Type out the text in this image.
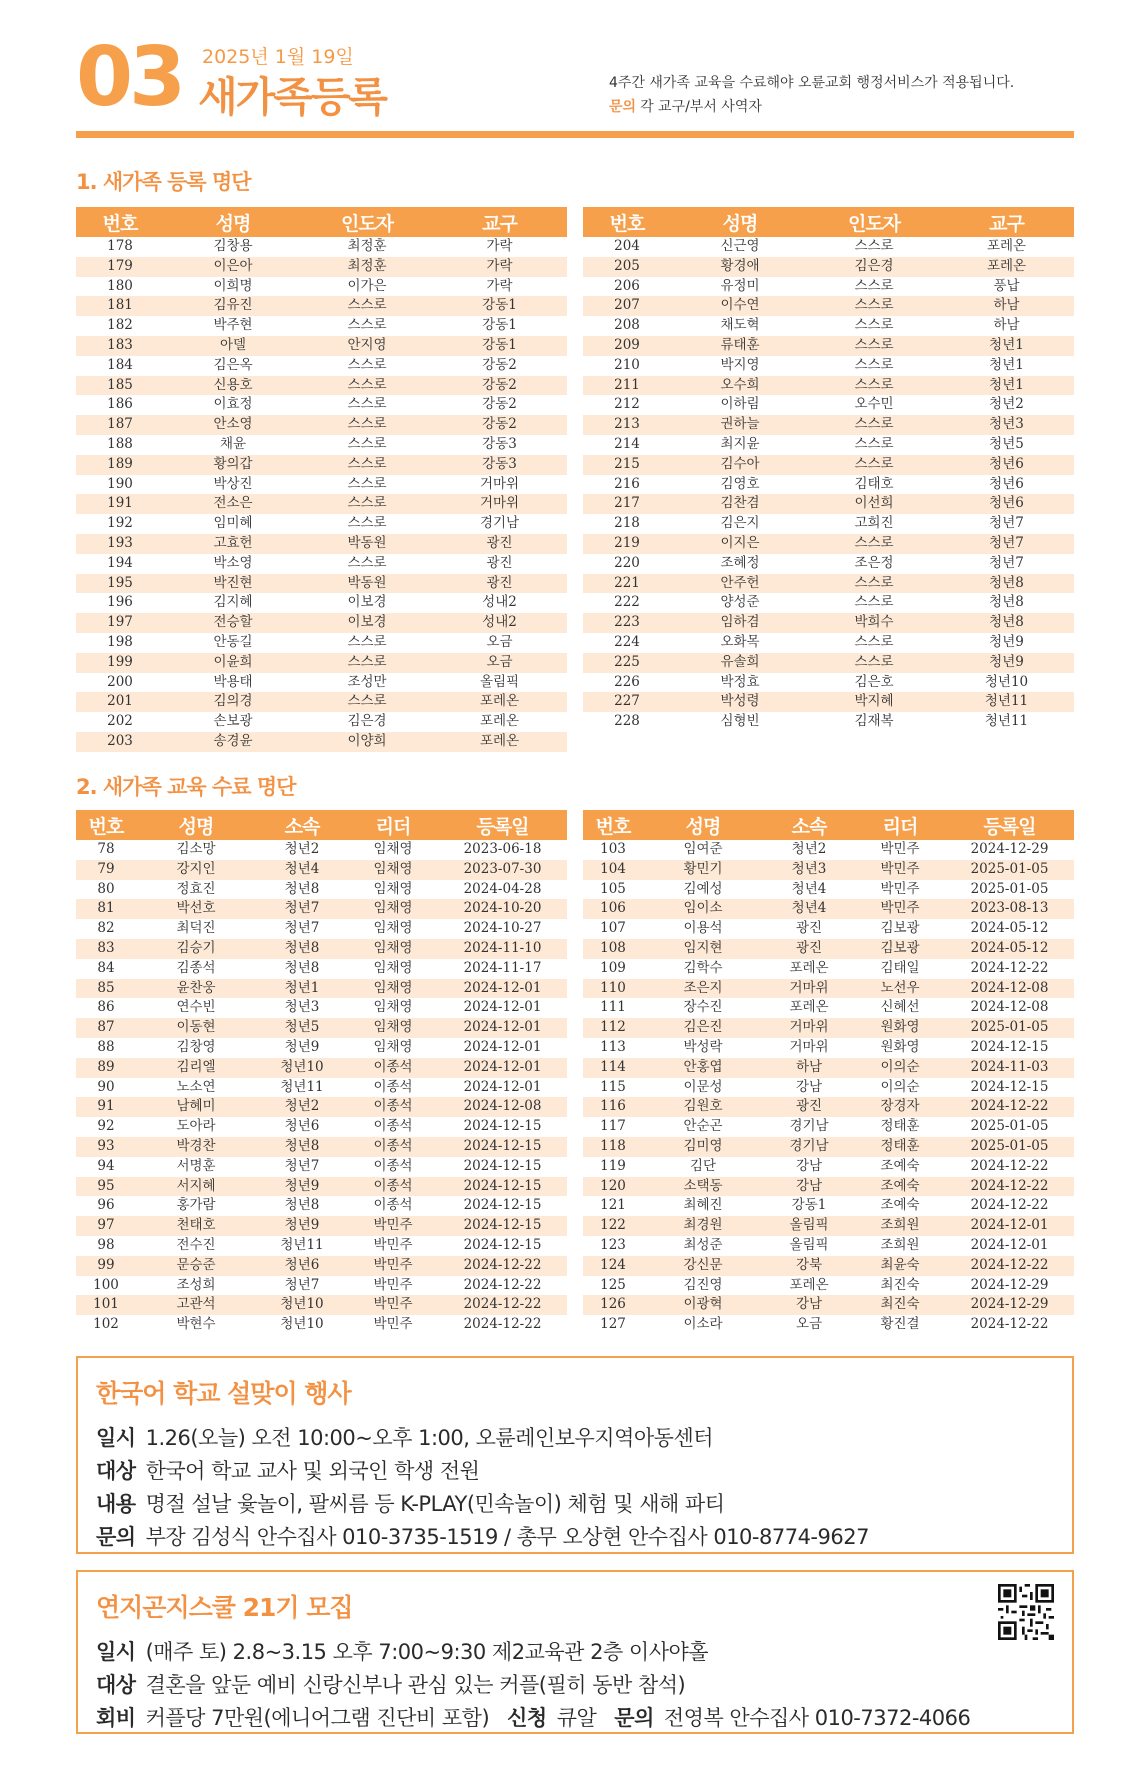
03 2025년 1월 19일
새가족등록	4주간 새가족 교육을 수료해야 오륜교회 행정서비스가 적용됩니다.
문의 각 교구/부서 사역자
1. 새가족 등록 명단
번호	성명	인도자	교구
178	김창용	최정훈	가락
179	이은아	최정훈	가락
180	이희명	이가은	가락
181	김유진	스스로	강동1
182	박주현	스스로	강동1
183	아델	안지영	강동1
184	김은옥	스스로	강동2
185	신용호	스스로	강동2
186	이효정	스스로	강동2
187	안소영	스스로	강동2
188	채윤	스스로	강동3
189	황의갑	스스로	강동3
190	박상진	스스로	거마위
191	전소은	스스로	거마위
192	임미혜	스스로	경기남
193	고효헌	박동원	광진
194	박소영	스스로	광진
195	박진현	박동원	광진
196	김지혜	이보경	성내2
197	전승할	이보경	성내2
198	안동길	스스로	오금
199	이윤희	스스로	오금
200	박용태	조성만	올림픽
201	김의경	스스로	포레온
202	손보광	김은경	포레온
203	송경윤	이양희	포레온
번호	성명	인도자	교구
204	신근영	스스로	포레온
205	황경애	김은경	포레온
206	유정미	스스로	풍납
207	이수연	스스로	하남
208	채도혁	스스로	하남
209	류태훈	스스로	청년1
210	박지영	스스로	청년1
211	오수희	스스로	청년1
212	이하림	오수민	청년2
213	권하늘	스스로	청년3
214	최지윤	스스로	청년5
215	김수아	스스로	청년6
216	김영호	김태호	청년6
217	김찬겸	이선희	청년6
218	김은지	고희진	청년7
219	이지은	스스로	청년7
220	조혜정	조은정	청년7
221	안주헌	스스로	청년8
222	양성준	스스로	청년8
223	임하겸	박희수	청년8
224	오화목	스스로	청년9
225	유솔희	스스로	청년9
226	박정효	김은호	청년10
227	박성령	박지혜	청년11
228	심형빈	김재복	청년11
2. 새가족 교육 수료 명단
번호	성명	소속	리더	등록일
78	김소망	청년2	임채영	2023-06-18
79	강지인	청년4	임채영	2023-07-30
80	정효진	청년8	임채영	2024-04-28
81	박선호	청년7	임채영	2024-10-20
82	최덕진	청년7	임채영	2024-10-27
83	김승기	청년8	임채영	2024-11-10
84	김종석	청년8	임채영	2024-11-17
85	윤찬웅	청년1	임채영	2024-12-01
86	연수빈	청년3	임채영	2024-12-01
87	이동현	청년5	임채영	2024-12-01
88	김창영	청년9	임채영	2024-12-01
89	김리엘	청년10	이종석	2024-12-01
90	노소연	청년11	이종석	2024-12-01
91	남혜미	청년2	이종석	2024-12-08
92	도아라	청년6	이종석	2024-12-15
93	박경찬	청년8	이종석	2024-12-15
94	서명훈	청년7	이종석	2024-12-15
95	서지혜	청년9	이종석	2024-12-15
96	홍가람	청년8	이종석	2024-12-15
97	천태호	청년9	박민주	2024-12-15
98	전수진	청년11	박민주	2024-12-15
99	문승준	청년6	박민주	2024-12-22
100	조성희	청년7	박민주	2024-12-22
101	고관석	청년10	박민주	2024-12-22
102	박현수	청년10	박민주	2024-12-22
번호	성명	소속	리더	등록일
103	임여준	청년2	박민주	2024-12-29
104	황민기	청년3	박민주	2025-01-05
105	김예성	청년4	박민주	2025-01-05
106	임이소	청년4	박민주	2023-08-13
107	이용석	광진	김보광	2024-05-12
108	임지현	광진	김보광	2024-05-12
109	김학수	포레온	김태일	2024-12-22
110	조은지	거마위	노선우	2024-12-08
111	장수진	포레온	신혜선	2024-12-08
112	김은진	거마위	원화영	2025-01-05
113	박성락	거마위	원화영	2024-12-15
114	안홍엽	하남	이의순	2024-11-03
115	이문성	강남	이의순	2024-12-15
116	김원호	광진	장경자	2024-12-22
117	안순곤	경기남	정태훈	2025-01-05
118	김미영	경기남	정태훈	2025-01-05
119	김단	강남	조예숙	2024-12-22
120	소택동	강남	조예숙	2024-12-22
121	최혜진	강동1	조예숙	2024-12-22
122	최경원	올림픽	조희원	2024-12-01
123	최성준	올림픽	조희원	2024-12-01
124	강신문	강북	최윤숙	2024-12-22
125	김진영	포레온	최진숙	2024-12-29
126	이광혁	강남	최진숙	2024-12-29
127	이소라	오금	황진결	2024-12-22
한국어 학교 설맞이 행사
일시 1.26(오늘) 오전 10:00~오후 1:00, 오륜레인보우지역아동센터
대상 한국어 학교 교사 및 외국인 학생 전원
내용 명절 설날 윷놀이, 팔씨름 등 K-PLAY(민속놀이) 체험 및 새해 파티
문의 부장 김성식 안수집사 010-3735-1519 / 총무 오상현 안수집사 010-8774-9627
연지곤지스쿨 21기 모집
일시 (매주 토) 2.8~3.15 오후 7:00~9:30 제2교육관 2층 이사야홀
대상 결혼을 앞둔 예비 신랑신부나 관심 있는 커플(필히 동반 참석)
회비 커플당 7만원(에니어그램 진단비 포함) 신청 큐알 문의 전영복 안수집사 010-7372-4066
